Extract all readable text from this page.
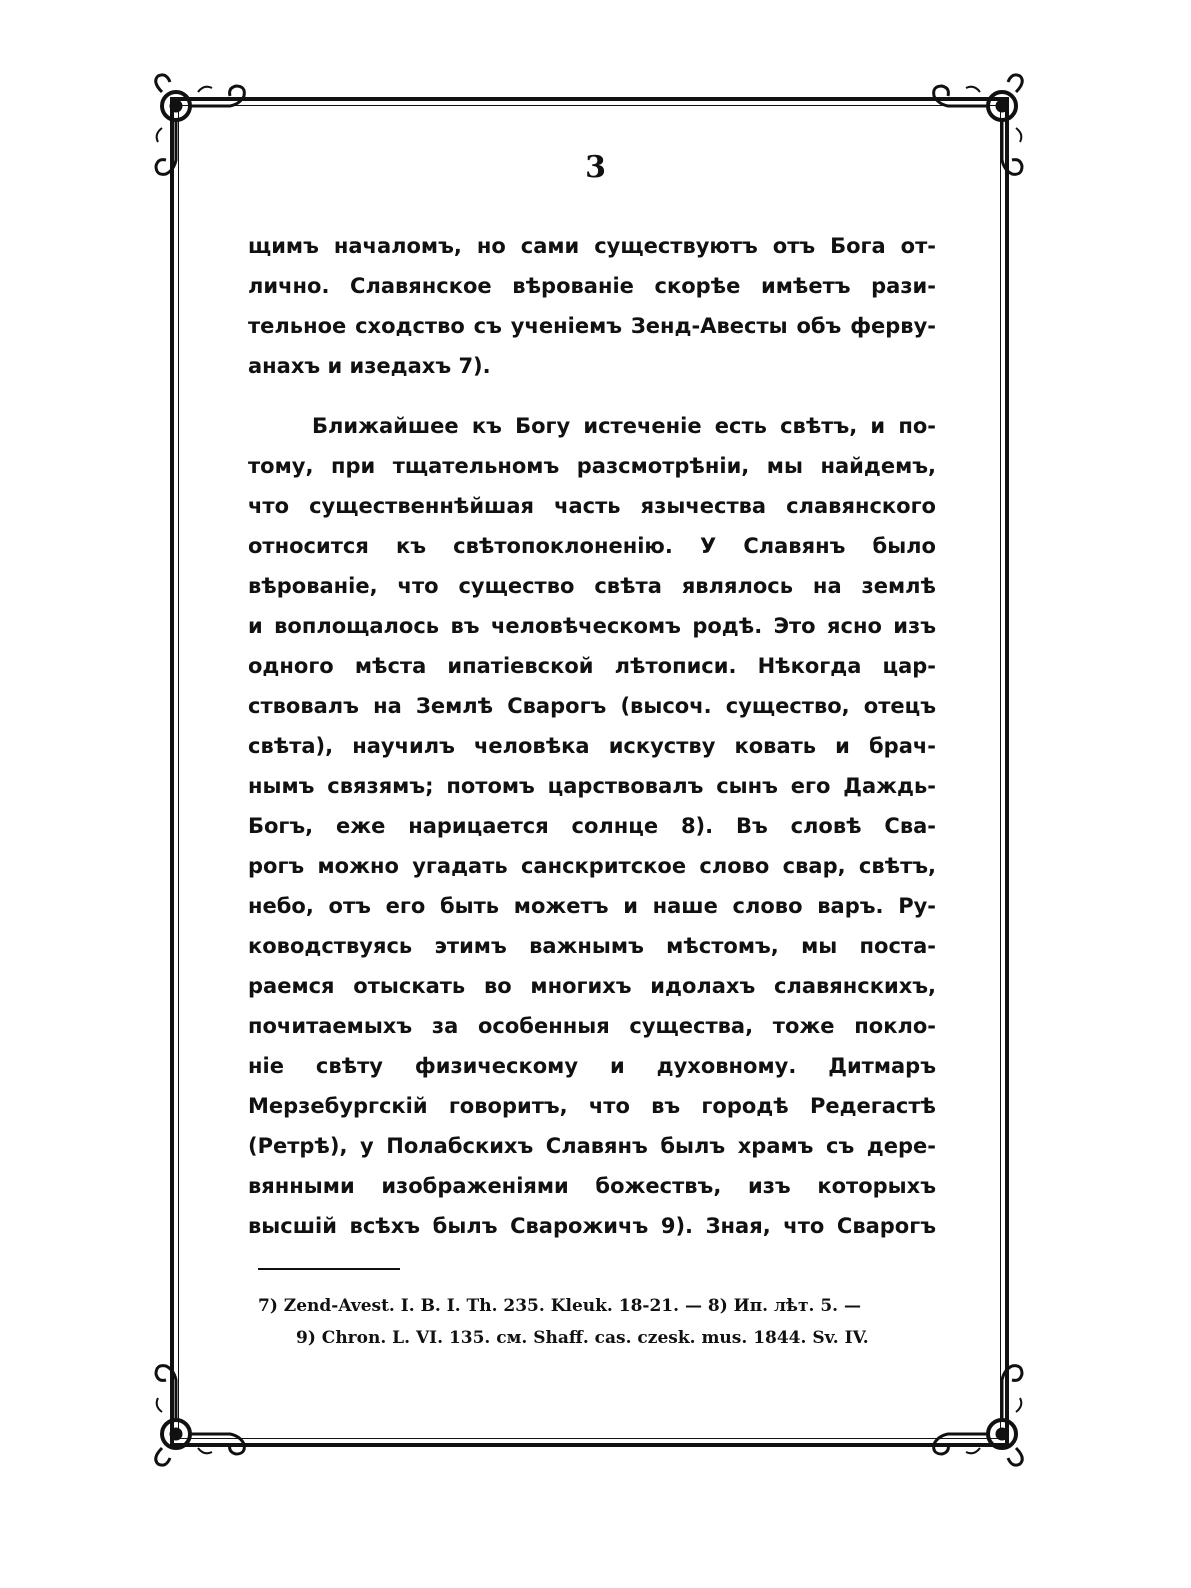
3
щимъ началомъ, но сами существуютъ отъ Бога от-
лично. Славянское вѣрованіе скорѣе имѣетъ рази-
тельное сходство съ ученіемъ Зенд-Авесты объ ферву-
анахъ и изедахъ 7).
Ближайшее къ Богу истеченіе есть свѣтъ, и по-
тому, при тщательномъ разсмотрѣніи, мы найдемъ,
что существеннѣйшая часть язычества славянского
относится къ свѣтопоклоненію. У Славянъ было
вѣрованіе, что существо свѣта являлось на землѣ
и воплощалось въ человѣческомъ родѣ. Это ясно изъ
одного мѣста ипатіевской лѣтописи. Нѣкогда цар-
ствовалъ на Землѣ Сварогъ (высоч. существо, отецъ
свѣта), научилъ человѣка искуству ковать и брач-
нымъ связямъ; потомъ царствовалъ сынъ его Даждь-
Богъ, еже нарицается солнце 8). Въ словѣ Сва-
рогъ можно угадать санскритское слово свар, свѣтъ,
небо, отъ его быть можетъ и наше слово варъ. Ру-
ководствуясь этимъ важнымъ мѣстомъ, мы поста-
раемся отыскать во многихъ идолахъ славянскихъ,
почитаемыхъ за особенныя существа, тоже покло-
ніе свѣту физическому и духовному. Дитмаръ
Мерзебургскій говоритъ, что въ городѣ Редегастѣ
(Ретрѣ), у Полабскихъ Славянъ былъ храмъ съ дере-
вянными изображеніями божествъ, изъ которыхъ
высшій всѣхъ былъ Сварожичъ 9). Зная, что Сварогъ
7) Zend-Avest. I. B. I. Th. 235. Kleuk. 18-21. — 8) Ип. лѣт. 5. —
9) Chron. L. VI. 135. см. Shaff. cas. czesk. mus. 1844. Sv. IV.
